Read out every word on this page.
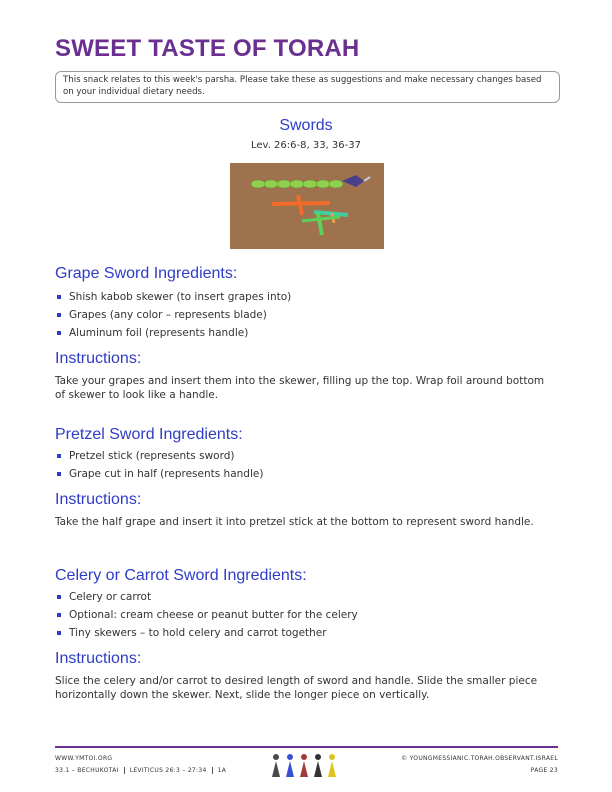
SWEET TASTE OF TORAH
This snack relates to this week's parsha. Please take these as suggestions and make necessary changes based on your individual dietary needs.
Swords
Lev. 26:6-8, 33, 36-37
Grape Sword Ingredients:
Shish kabob skewer (to insert grapes into)
Grapes (any color – represents blade)
Aluminum foil (represents handle)
Instructions:

Take your grapes and insert them into the skewer, filling up the top. Wrap foil around bottom of skewer to look like a handle.

Pretzel Sword Ingredients:
Pretzel stick (represents sword)
Grape cut in half (represents handle)
Instructions:

Take the half grape and insert it into pretzel stick at the bottom to represent sword handle.

Celery or Carrot Sword Ingredients:
Celery or carrot
Optional: cream cheese or peanut butter for the celery
Tiny skewers – to hold celery and carrot together
Instructions:

Slice the celery and/or carrot to desired length of sword and handle. Slide the smaller piece horizontally down the skewer. Next, slide the longer piece on vertically.

WWW.YMTOI.ORG
33.1 – BECHUKOTAI LEVITICUS 26:3 – 27:34 1A
© YOUNGMESSIANIC.TORAH.OBSERVANT.ISRAEL
PAGE 23
